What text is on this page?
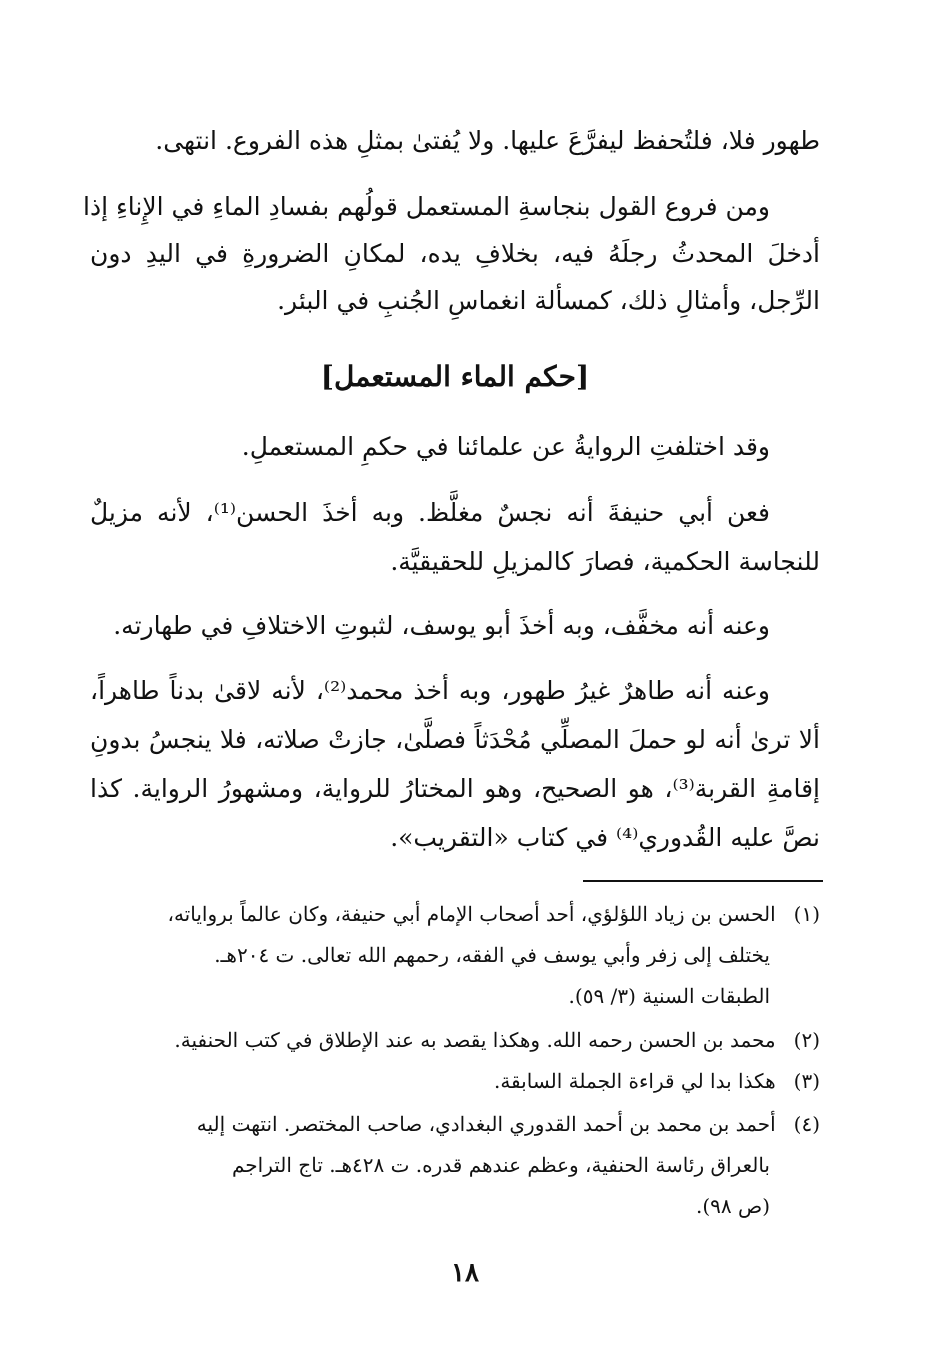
طهور فلا، فلتُحفظ ليفرَّعَ عليها. ولا يُفتىٰ بمثلِ هذه الفروع. انتهى.

ومن فروع القول بنجاسةِ المستعمل قولُهم بفسادِ الماءِ في الإِناءِ إذا

أدخلَ المحدثُ رجلَهُ فيه، بخلافِ يده، لمكانِ الضرورةِ في اليدِ دون

الرِّجل، وأمثالِ ذلك، كمسألة انغماسِ الجُنبِ في البئر.

[حكم الماء المستعمل]

وقد اختلفتِ الروايةُ عن علمائنا في حكمِ المستعملِ.

فعن أبي حنيفةَ أنه نجسٌ مغلَّظ. وبه أخذَ الحسن⁽¹⁾، لأنه مزيلٌ

للنجاسة الحكمية، فصارَ كالمزيلِ للحقيقيَّة.

وعنه أنه مخفَّف، وبه أخذَ أبو يوسف، لثبوتِ الاختلافِ في طهارته.

وعنه أنه طاهرٌ غيرُ طهور، وبه أخذ محمد⁽²⁾، لأنه لاقىٰ بدناً طاهراً،

ألا ترىٰ أنه لو حملَ المصلِّي مُحْدَثاً فصلَّىٰ، جازتْ صلاته، فلا ينجسُ بدونِ

إقامةِ القربة⁽³⁾، هو الصحيح، وهو المختارُ للرواية، ومشهورُ الرواية. كذا

نصَّ عليه القُدوري⁽⁴⁾ في كتاب «التقريب».

(١) الحسن بن زياد اللؤلؤي، أحد أصحاب الإمام أبي حنيفة، وكان عالماً برواياته،

يختلف إلى زفر وأبي يوسف في الفقه، رحمهم الله تعالى. ت ٢٠٤هـ.

الطبقات السنية (٣/ ٥٩).

(٢) محمد بن الحسن رحمه الله. وهكذا يقصد به عند الإطلاق في كتب الحنفية.

(٣) هكذا بدا لي قراءة الجملة السابقة.

(٤) أحمد بن محمد بن أحمد القدوري البغدادي، صاحب المختصر. انتهت إليه

بالعراق رئاسة الحنفية، وعظم عندهم قدره. ت ٤٢٨هـ. تاج التراجم

(ص ٩٨).

١٨
